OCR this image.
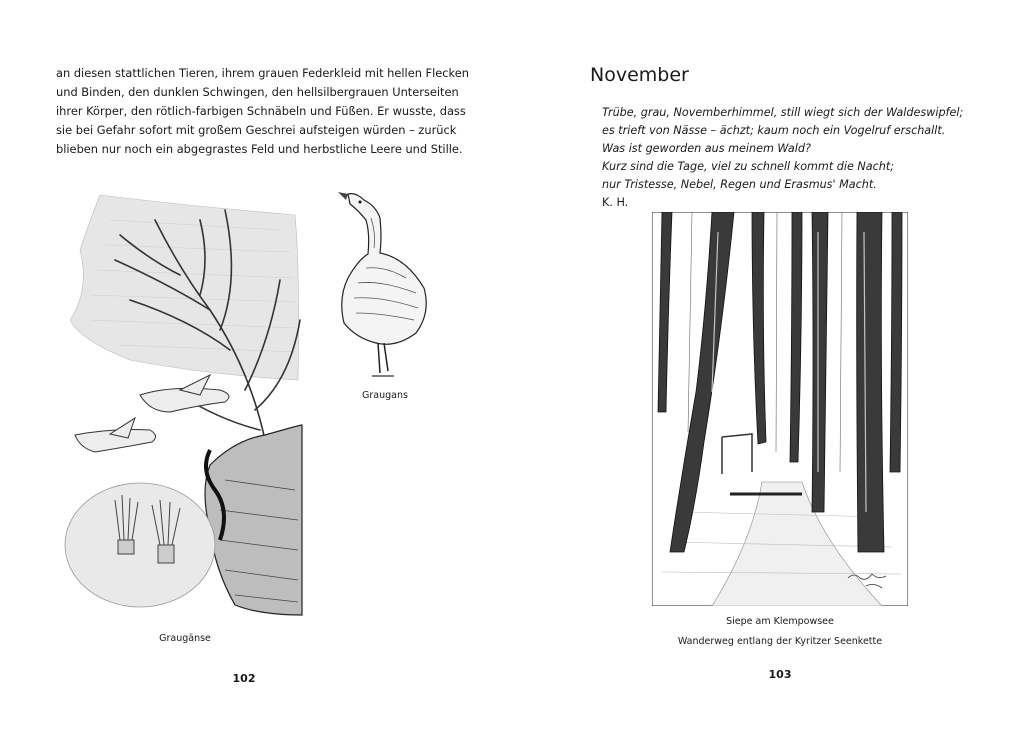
an diesen stattlichen Tieren, ihrem grauen Federkleid mit hellen Flecken
und Binden, den dunklen Schwingen, den hellsilbergrauen Unterseiten
ihrer Körper, den rötlich-farbigen Schnäbeln und Füßen. Er wusste, dass
sie bei Gefahr sofort mit großem Geschrei aufsteigen würden – zurück
blieben nur noch ein abgegrastes Feld und herbstliche Leere und Stille.

Graugans
Graugänse
102
November
Trübe, grau, Novemberhimmel, still wiegt sich der Waldeswipfel;
es trieft von Nässe – ächzt; kaum noch ein Vogelruf erschallt.
Was ist geworden aus meinem Wald?
Kurz sind die Tage, viel zu schnell kommt die Nacht;
nur Tristesse, Nebel, Regen und Erasmus' Macht.
K. H.
Siepe am Klempowsee
Wanderweg entlang der Kyritzer Seenkette
103
